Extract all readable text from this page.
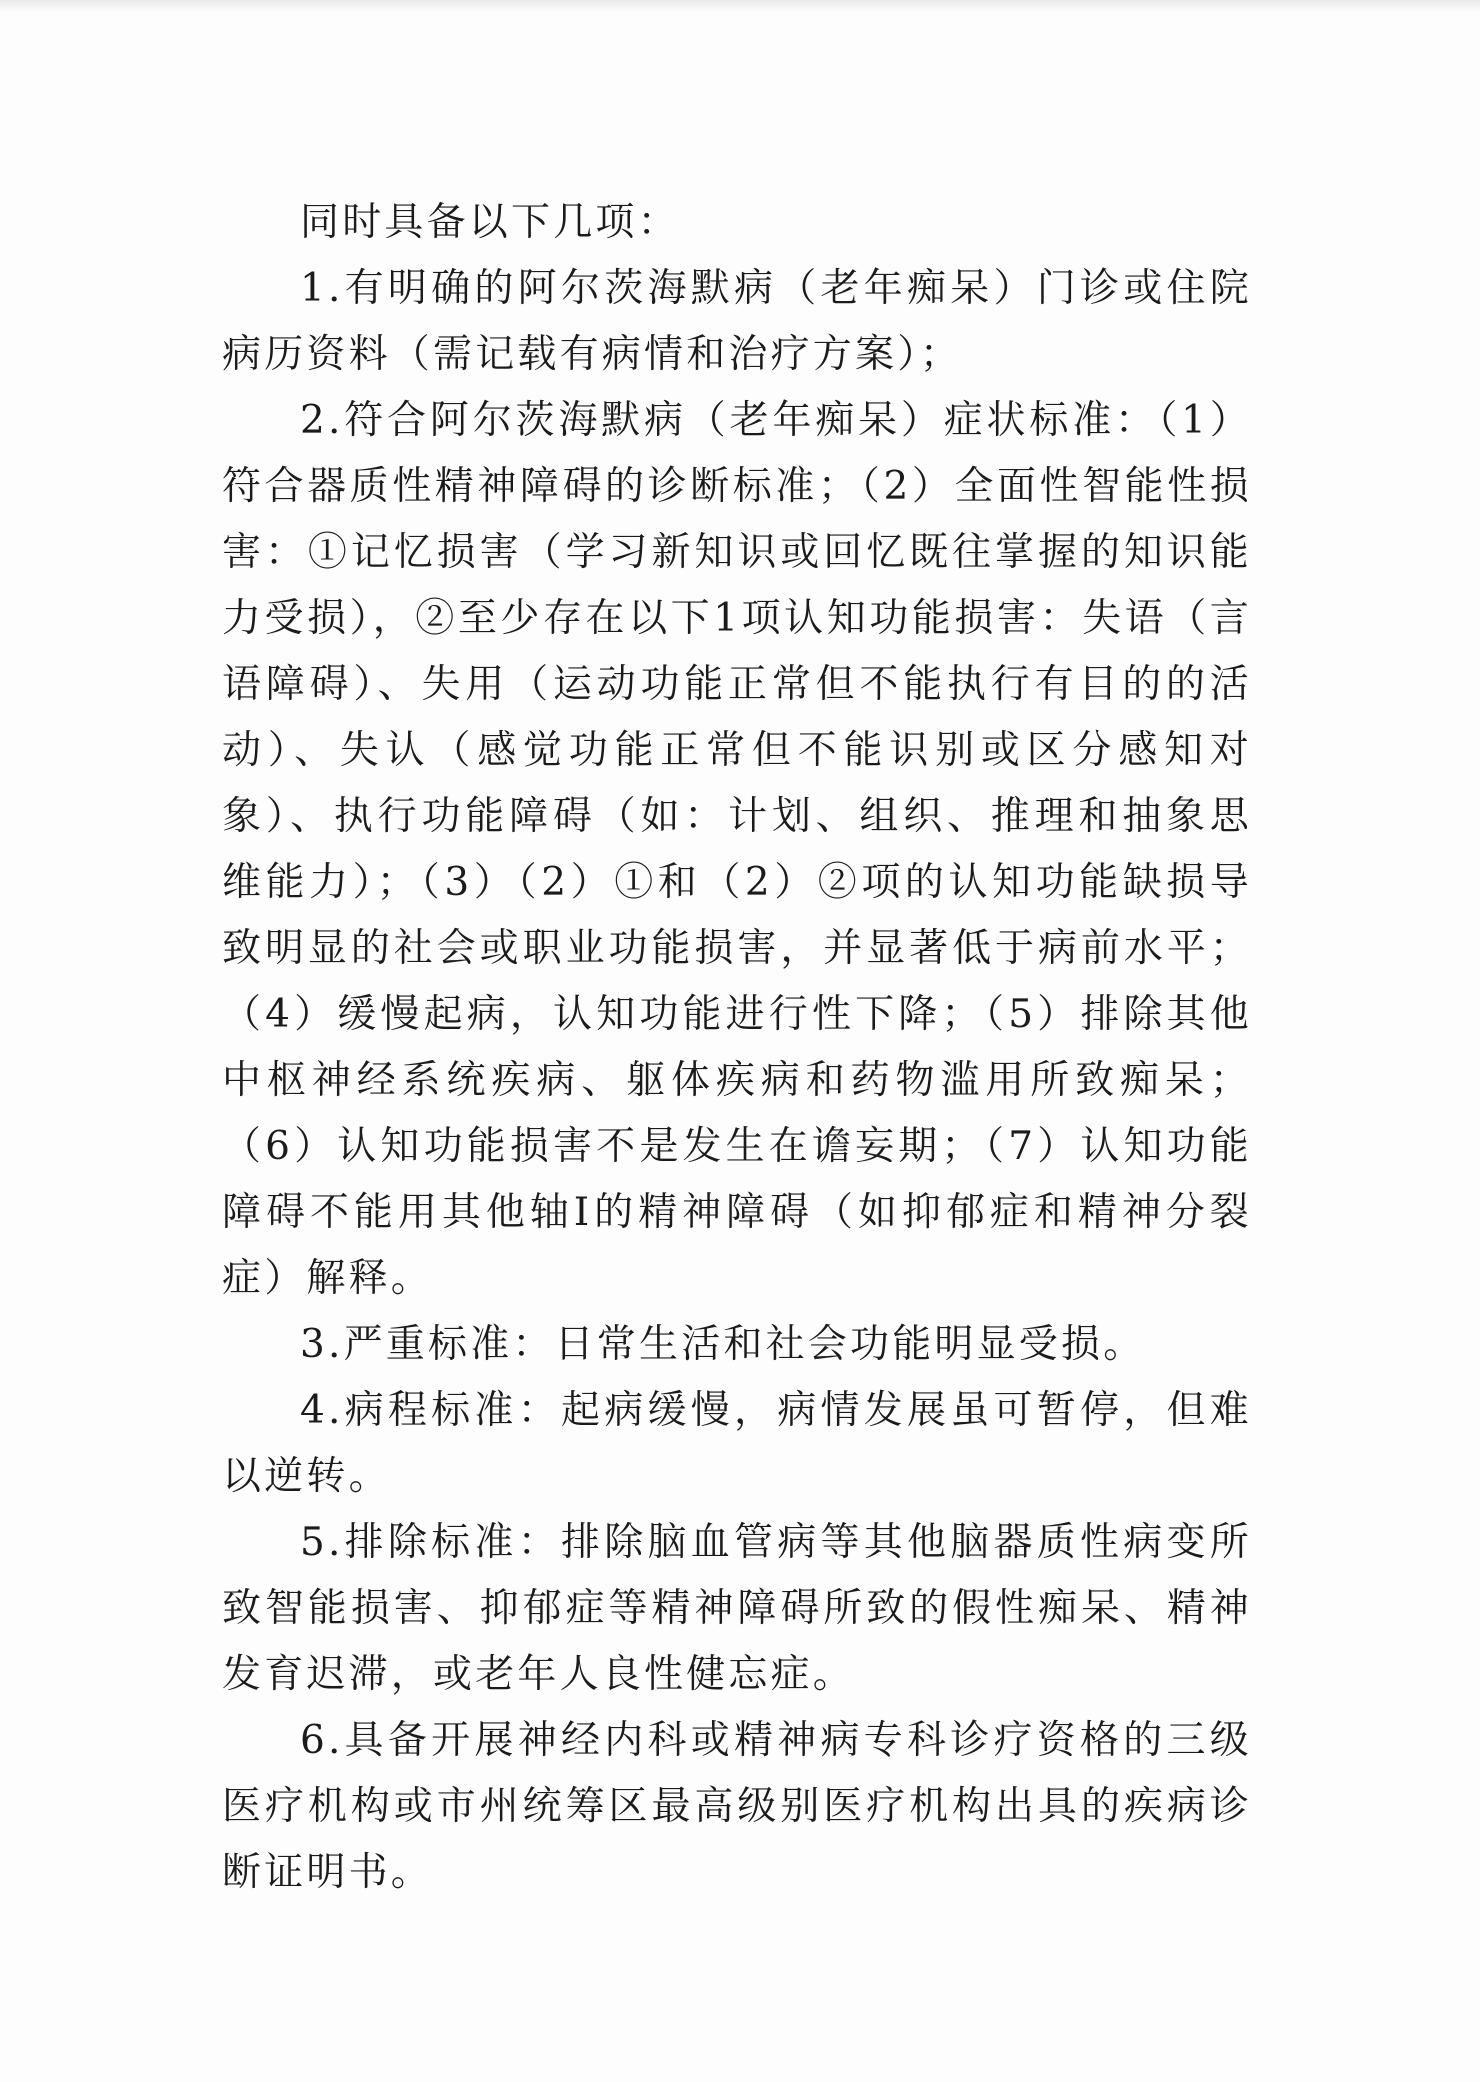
同时具备以下几项：

1.有明确的阿尔茨海默病（老年痴呆）门诊或住院病历资料（需记载有病情和治疗方案）；

2.符合阿尔茨海默病（老年痴呆）症状标准：（1）符合器质性精神障碍的诊断标准；（2）全面性智能性损害：①记忆损害（学习新知识或回忆既往掌握的知识能力受损），②至少存在以下1项认知功能损害：失语（言语障碍）、失用（运动功能正常但不能执行有目的的活动）、失认（感觉功能正常但不能识别或区分感知对象）、执行功能障碍（如：计划、组织、推理和抽象思维能力）；（3）（2）①和（2）②项的认知功能缺损导致明显的社会或职业功能损害，并显著低于病前水平；（4）缓慢起病，认知功能进行性下降；（5）排除其他中枢神经系统疾病、躯体疾病和药物滥用所致痴呆；（6）认知功能损害不是发生在谵妄期；（7）认知功能障碍不能用其他轴Ⅰ的精神障碍（如抑郁症和精神分裂症）解释。

3.严重标准：日常生活和社会功能明显受损。

4.病程标准：起病缓慢，病情发展虽可暂停，但难以逆转。

5.排除标准：排除脑血管病等其他脑器质性病变所致智能损害、抑郁症等精神障碍所致的假性痴呆、精神发育迟滞，或老年人良性健忘症。

6.具备开展神经内科或精神病专科诊疗资格的三级医疗机构或市州统筹区最高级别医疗机构出具的疾病诊断证明书。
